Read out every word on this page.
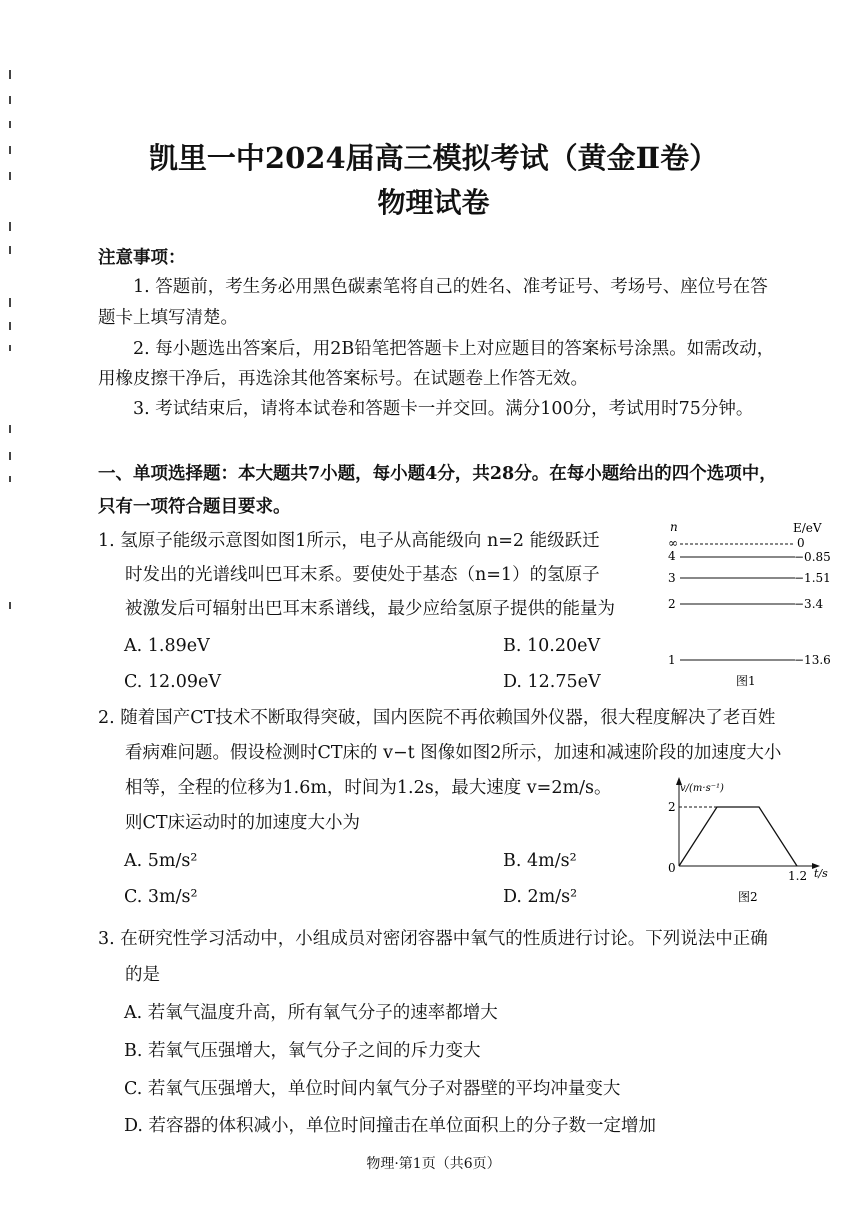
凯里一中2024届高三模拟考试（黄金Ⅱ卷）
物理试卷
注意事项：
1. 答题前，考生务必用黑色碳素笔将自己的姓名、准考证号、考场号、座位号在答
题卡上填写清楚。
2. 每小题选出答案后，用2B铅笔把答题卡上对应题目的答案标号涂黑。如需改动，
用橡皮擦干净后，再选涂其他答案标号。在试题卷上作答无效。
3. 考试结束后，请将本试卷和答题卡一并交回。满分100分，考试用时75分钟。
一、单项选择题：本大题共7小题，每小题4分，共28分。在每小题给出的四个选项中，
只有一项符合题目要求。
1. 氢原子能级示意图如图1所示，电子从高能级向 n=2 能级跃迁
时发出的光谱线叫巴耳末系。要使处于基态（n=1）的氢原子
被激发后可辐射出巴耳末系谱线，最少应给氢原子提供的能量为
A. 1.89eV	B. 10.20eV
C. 12.09eV	D. 12.75eV
n	E/eV
∞	0
4	−0.85
3	−1.51
2	−3.4
1	−13.6
图1
2. 随着国产CT技术不断取得突破，国内医院不再依赖国外仪器，很大程度解决了老百姓
看病难问题。假设检测时CT床的 v−t 图像如图2所示，加速和减速阶段的加速度大小
相等，全程的位移为1.6m，时间为1.2s，最大速度 v=2m/s。
则CT床运动时的加速度大小为
A. 5m/s²	B. 4m/s²
C. 3m/s²	D. 2m/s²
v/(m·s⁻¹)
t/s
2
0
1.2
图2
3. 在研究性学习活动中，小组成员对密闭容器中氧气的性质进行讨论。下列说法中正确
的是
A. 若氧气温度升高，所有氧气分子的速率都增大
B. 若氧气压强增大，氧气分子之间的斥力变大
C. 若氧气压强增大，单位时间内氧气分子对器壁的平均冲量变大
D. 若容器的体积减小，单位时间撞击在单位面积上的分子数一定增加
物理·第1页（共6页）
